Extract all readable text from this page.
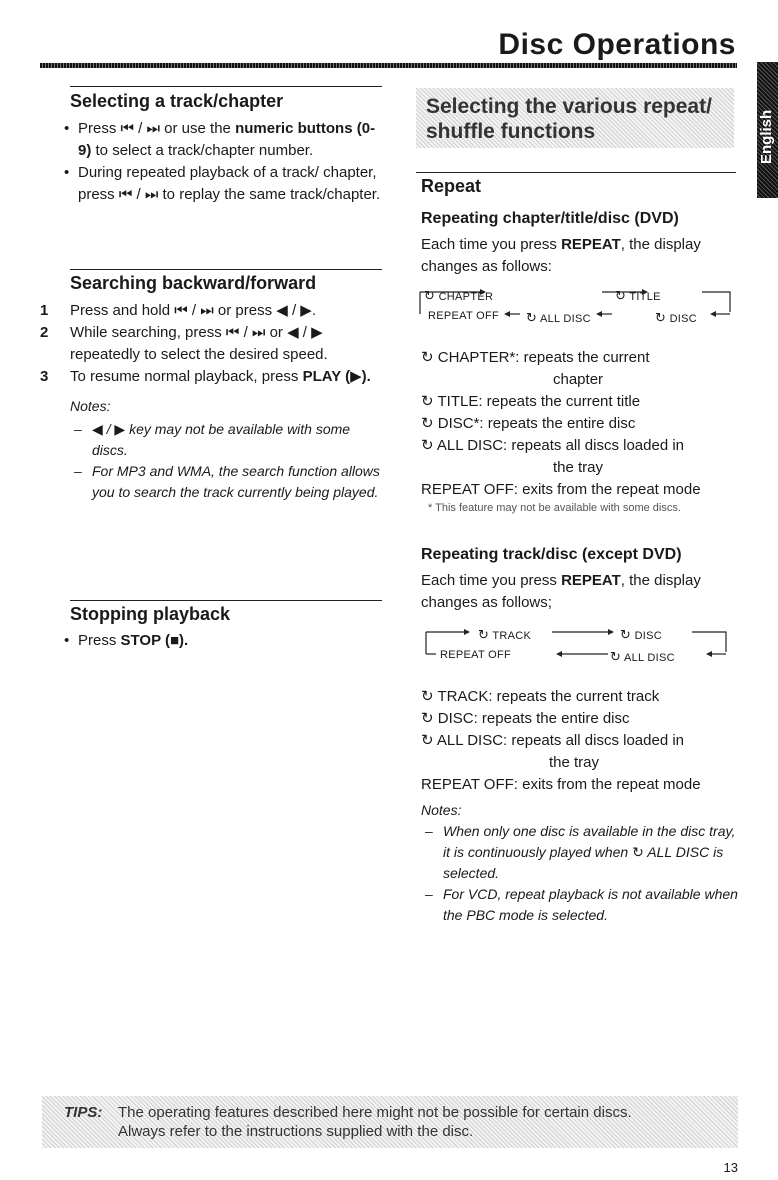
Disc Operations
English
Selecting a track/chapter
• Press ⏮ / ⏭ or use the numeric buttons (0-9) to select a track/chapter number.
• During repeated playback of a track/ chapter, press ⏮ / ⏭ to replay the same track/chapter.
Searching backward/forward
1 Press and hold ⏮ / ⏭ or press ◀ / ▶.
2 While searching, press ⏮ / ⏭ or ◀ / ▶ repeatedly to select the desired speed.
3 To resume normal playback, press PLAY (▶).
Notes:
– ◀ / ▶ key may not be available with some discs.
– For MP3 and WMA, the search function allows you to search the track currently being played.
Stopping playback
• Press STOP (■).
Selecting the various repeat/ shuffle functions
Repeat
Repeating chapter/title/disc (DVD)
Each time you press REPEAT, the display changes as follows:
↻ CHAPTER	↻ TITLE
REPEAT OFF ↻ ALL DISC	↻ DISC
↻ CHAPTER*: repeats the current
chapter
↻ TITLE: repeats the current title
↻ DISC*: repeats the entire disc
↻ ALL DISC: repeats all discs loaded in
the tray
REPEAT OFF: exits from the repeat mode
* This feature may not be available with some discs.
Repeating track/disc (except DVD)
Each time you press REPEAT, the display changes as follows;
↻ TRACK	↻ DISC
REPEAT OFF	↻ ALL DISC
↻ TRACK: repeats the current track
↻ DISC: repeats the entire disc
↻ ALL DISC: repeats all discs loaded in
the tray
REPEAT OFF: exits from the repeat mode
Notes:
– When only one disc is available in the disc tray, it is continuously played when ↻ ALL DISC is selected.
– For VCD, repeat playback is not available when the PBC mode is selected.
TIPS: The operating features described here might not be possible for certain discs.
Always refer to the instructions supplied with the disc.
13
